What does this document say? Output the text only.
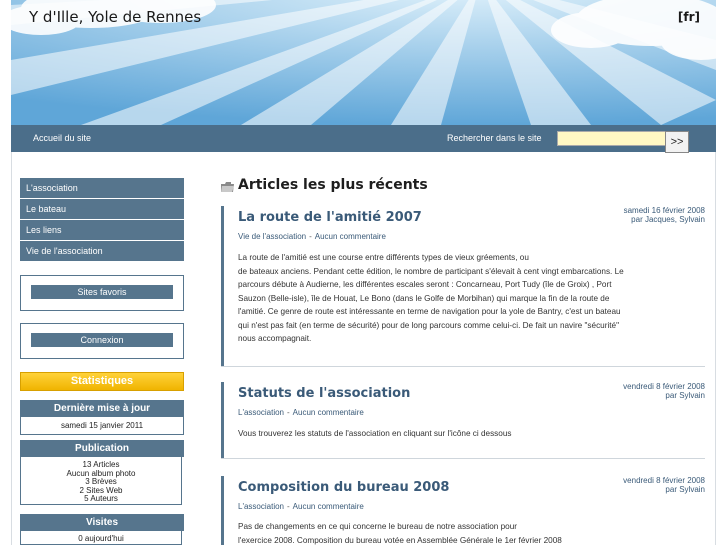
Y d'Ille, Yole de Rennes	[fr]
Accueil du site	Rechercher dans le site	>>
L'association
Le bateau
Les liens
Vie de l'association
Sites favoris
Connexion
Statistiques
Dernière mise à jour
samedi 15 janvier 2011
Publication
13 Articles
Aucun album photo
3 Brèves
2 Sites Web
5 Auteurs
Visites
0 aujourd'hui
Articles les plus récents
La route de l'amitié 2007	samedi 16 février 2008
par Jacques, Sylvain
Vie de l'association - Aucun commentaire
La route de l'amitié est une course entre différents types de vieux gréements, ou
de bateaux anciens. Pendant cette édition, le nombre de participant s'élevait à cent vingt embarcations. Le
parcours débute à Audierne, les différentes escales seront : Concarneau, Port Tudy (île de Groix) , Port
Sauzon (Belle-isle), île de Houat, Le Bono (dans le Golfe de Morbihan) qui marque la fin de la route de
l'amitié. Ce genre de route est intéressante en terme de navigation pour la yole de Bantry, c'est un bateau
qui n'est pas fait (en terme de sécurité) pour de long parcours comme celui-ci. De fait un navire "sécurité"
nous accompagnait.
Statuts de l'association	vendredi 8 février 2008
par Sylvain
L'association - Aucun commentaire
Vous trouverez les statuts de l'association en cliquant sur l'icône ci dessous
Composition du bureau 2008	vendredi 8 février 2008
par Sylvain
L'association - Aucun commentaire
Pas de changements en ce qui concerne le bureau de notre association pour
l'exercice 2008. Composition du bureau votée en Assemblée Générale le 1er février 2008
